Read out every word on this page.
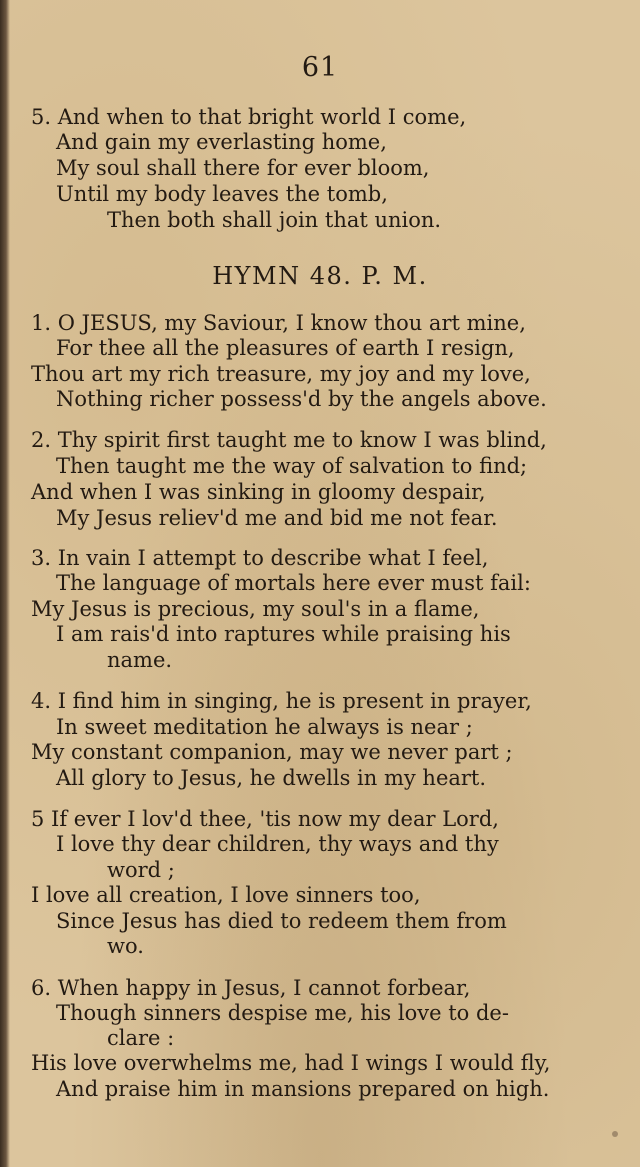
61
5. And when to that bright world I come,
And gain my everlasting home,
My soul shall there for ever bloom,
Until my body leaves the tomb,
Then both shall join that union.
HYMN 48. P. M.
1. O JESUS, my Saviour, I know thou art mine,
For thee all the pleasures of earth I resign,
Thou art my rich treasure, my joy and my love,
Nothing richer possess'd by the angels above.
2. Thy spirit first taught me to know I was blind,
Then taught me the way of salvation to find;
And when I was sinking in gloomy despair,
My Jesus reliev'd me and bid me not fear.
3. In vain I attempt to describe what I feel,
The language of mortals here ever must fail:
My Jesus is precious, my soul's in a flame,
I am rais'd into raptures while praising his
name.
4. I find him in singing, he is present in prayer,
In sweet meditation he always is near ;
My constant companion, may we never part ;
All glory to Jesus, he dwells in my heart.
5 If ever I lov'd thee, 'tis now my dear Lord,
I love thy dear children, thy ways and thy
word ;
I love all creation, I love sinners too,
Since Jesus has died to redeem them from
wo.
6. When happy in Jesus, I cannot forbear,
Though sinners despise me, his love to de-
clare :
His love overwhelms me, had I wings I would fly,
And praise him in mansions prepared on high.
